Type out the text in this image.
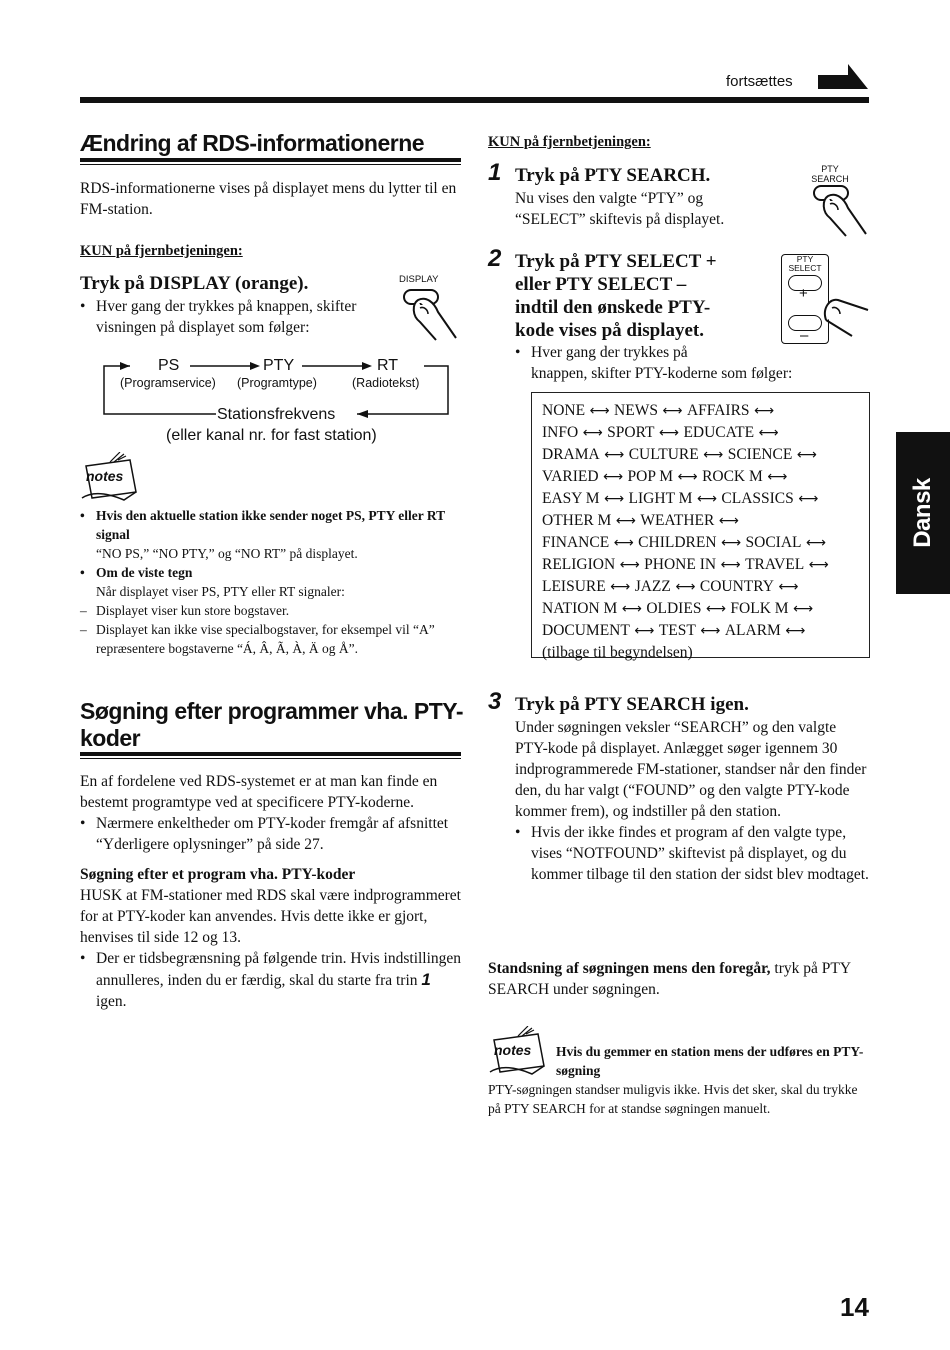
fortsættes
Dansk
Ændring af RDS-informationerne
RDS-informationerne vises på displayet mens du lytter til en FM-station.
KUN på fjernbetjeningen:
Tryk på DISPLAY (orange).
• Hver gang der trykkes på knappen, skifter visningen på displayet som følger:
DISPLAY
PS	PTY	RT
(Programservice) (Programtype)	(Radiotekst)
Stationsfrekvens
(eller kanal nr. for fast station)
notes
• Hvis den aktuelle station ikke sender noget PS, PTY eller RT signal
“NO PS,” “NO PTY,” og “NO RT” på displayet.
• Om de viste tegn
Når displayet viser PS, PTY eller RT signaler:
– Displayet viser kun store bogstaver.
– Displayet kan ikke vise specialbogstaver, for eksempel vil “A” repræsentere bogstaverne “Á, Â, Ã, À, Ä og Å”.
Søgning efter programmer vha. PTY-
koder
En af fordelene ved RDS-systemet er at man kan finde en bestemt programtype ved at specificere PTY-koderne.
• Nærmere enkeltheder om PTY-koder fremgår af afsnittet “Yderligere oplysninger” på side 27.
Søgning efter et program vha. PTY-koder
HUSK at FM-stationer med RDS skal være indprogrammeret for at PTY-koder kan anvendes. Hvis dette ikke er gjort, henvises til side 12 og 13.
• Der er tidsbegrænsning på følgende trin. Hvis indstillingen annulleres, inden du er færdig, skal du starte fra trin 1 igen.
KUN på fjernbetjeningen:
1 Tryk på PTY SEARCH.
Nu vises den valgte “PTY” og “SELECT” skiftevis på displayet.
PTY
SEARCH
2 Tryk på PTY SELECT +
eller PTY SELECT –
indtil den ønskede PTY-
kode vises på displayet.
• Hver gang der trykkes på
knappen, skifter PTY-koderne som følger:
PTY
SELECT
+
–
NONE ⟷ NEWS ⟷ AFFAIRS ⟷
INFO ⟷ SPORT ⟷ EDUCATE ⟷
DRAMA ⟷ CULTURE ⟷ SCIENCE ⟷
VARIED ⟷ POP M ⟷ ROCK M ⟷
EASY M ⟷ LIGHT M ⟷ CLASSICS ⟷
OTHER M ⟷ WEATHER ⟷
FINANCE ⟷ CHILDREN ⟷ SOCIAL ⟷
RELIGION ⟷ PHONE IN ⟷ TRAVEL ⟷
LEISURE ⟷ JAZZ ⟷ COUNTRY ⟷
NATION M ⟷ OLDIES ⟷ FOLK M ⟷
DOCUMENT ⟷ TEST ⟷ ALARM ⟷
(tilbage til begyndelsen)
3 Tryk på PTY SEARCH igen.
Under søgningen veksler “SEARCH” og den valgte PTY-kode på displayet. Anlægget søger igennem 30 indprogrammerede FM-stationer, standser når den finder den, du har valgt (“FOUND” og den valgte PTY-kode kommer frem), og indstiller på den station.
• Hvis der ikke findes et program af den valgte type, vises “NOTFOUND” skiftevist på displayet, og du kommer tilbage til den station der sidst blev modtaget.
Standsning af søgningen mens den foregår, tryk på PTY SEARCH under søgningen.
notes Hvis du gemmer en station mens der udføres en PTY-søgning
PTY-søgningen standser muligvis ikke. Hvis det sker, skal du trykke på PTY SEARCH for at standse søgningen manuelt.
14
